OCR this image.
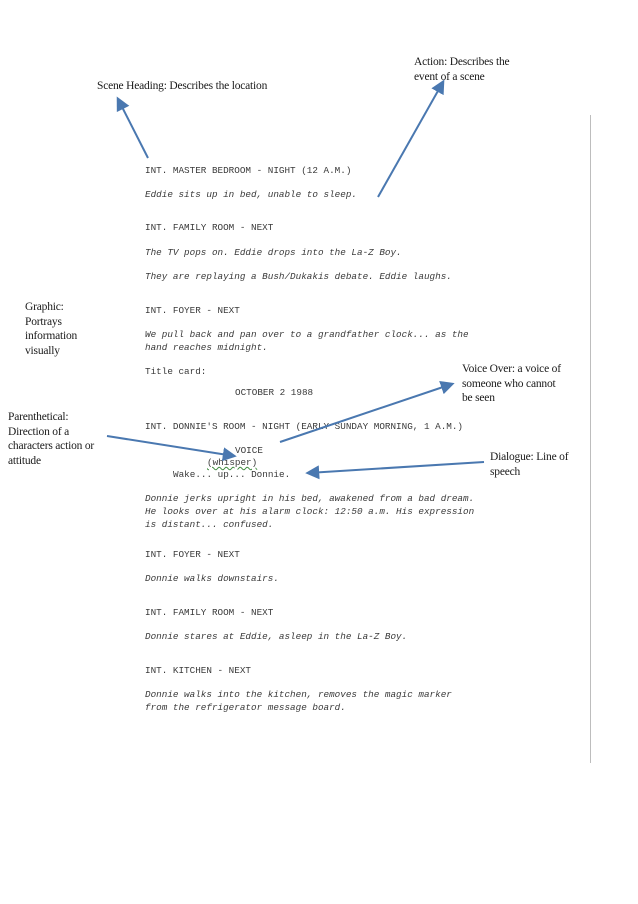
Scene Heading: Describes the location
Action: Describes the
event of a scene
Graphic:
Portrays
information
visually
Voice Over: a voice of
someone who cannot
be seen
Parenthetical:
Direction of a
characters action or
attitude	Dialogue: Line of
speech
INT. MASTER BEDROOM - NIGHT (12 A.M.)
Eddie sits up in bed, unable to sleep.
INT. FAMILY ROOM - NEXT
The TV pops on. Eddie drops into the La-Z Boy.
They are replaying a Bush/Dukakis debate. Eddie laughs.
INT. FOYER - NEXT
We pull back and pan over to a grandfather clock... as the
hand reaches midnight.
Title card:
OCTOBER 2 1988
INT. DONNIE'S ROOM - NIGHT (EARLY SUNDAY MORNING, 1 A.M.)
VOICE
(whisper)
Wake... up... Donnie.
Donnie jerks upright in his bed, awakened from a bad dream.
He looks over at his alarm clock: 12:50 a.m. His expression
is distant... confused.
INT. FOYER - NEXT
Donnie walks downstairs.
INT. FAMILY ROOM - NEXT
Donnie stares at Eddie, asleep in the La-Z Boy.
INT. KITCHEN - NEXT
Donnie walks into the kitchen, removes the magic marker
from the refrigerator message board.
